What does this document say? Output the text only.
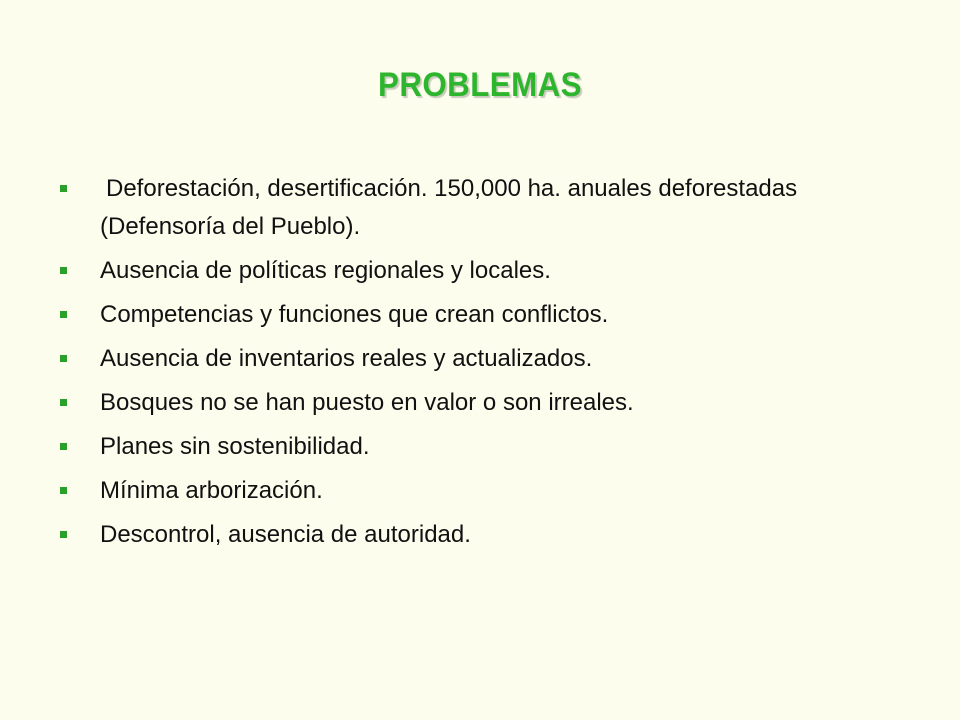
PROBLEMAS
Deforestación, desertificación. 150,000 ha. anuales deforestadas (Defensoría del Pueblo).
Ausencia de políticas regionales y locales.
Competencias y funciones que crean conflictos.
Ausencia de inventarios reales y actualizados.
Bosques no se han puesto en valor o son irreales.
Planes sin sostenibilidad.
Mínima arborización.
Descontrol, ausencia de autoridad.
